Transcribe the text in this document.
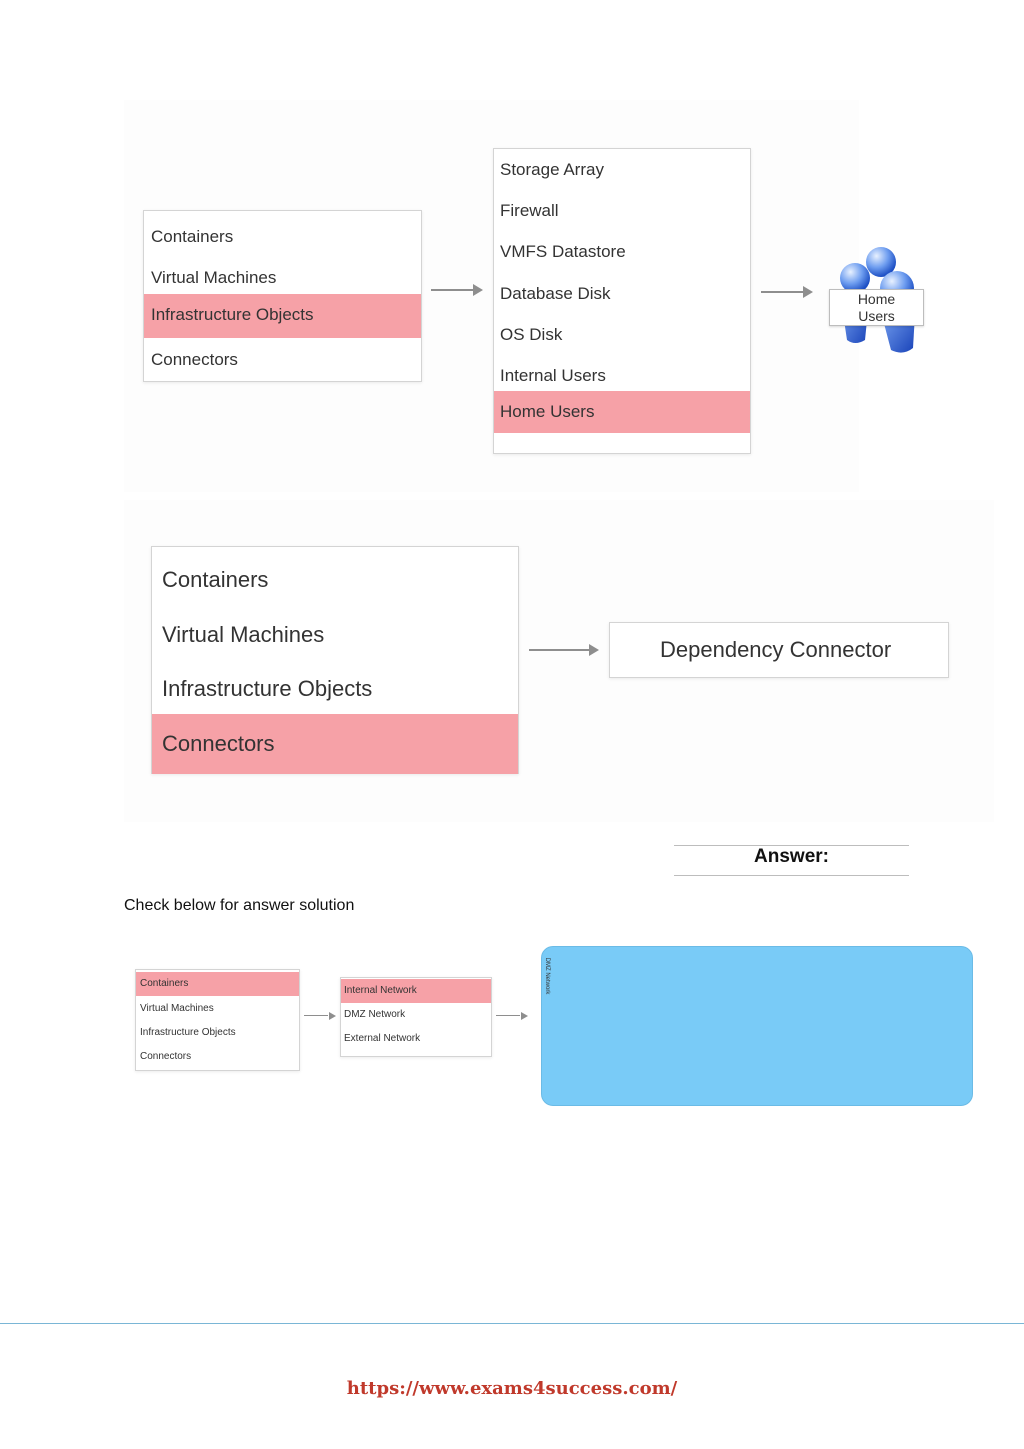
Containers
Virtual Machines
Infrastructure Objects
Connectors
Storage Array
Firewall
VMFS Datastore
Database Disk
OS Disk
Internal Users
Home Users
Home
Users
Containers
Virtual Machines
Infrastructure Objects
Connectors
Dependency Connector
Answer:
Check below for answer solution
Containers
Virtual Machines
Infrastructure Objects
Connectors
Internal Network
DMZ Network
External Network
DMZ Network
https://www.exams4success.com/
